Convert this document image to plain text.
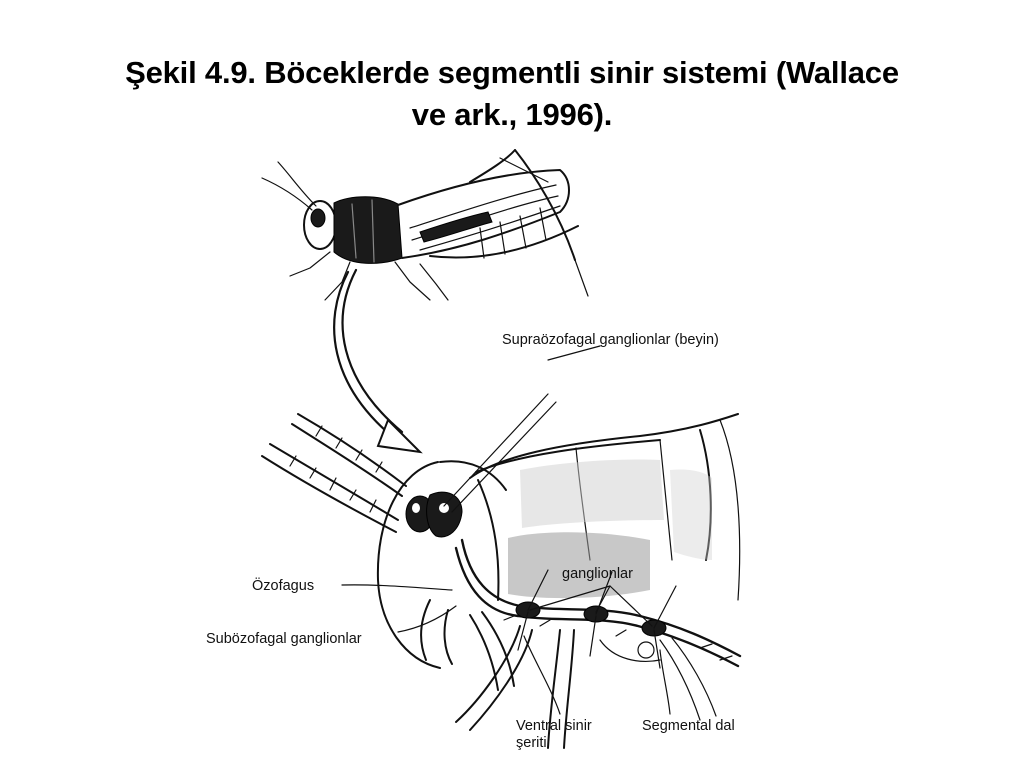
Şekil 4.9. Böceklerde segmentli sinir sistemi (Wallace
ve ark., 1996).
Supraözofagal ganglionlar (beyin)
Özofagus
Subözofagal ganglionlar
ganglionlar
Ventral sinir
şeriti
Segmental dal
